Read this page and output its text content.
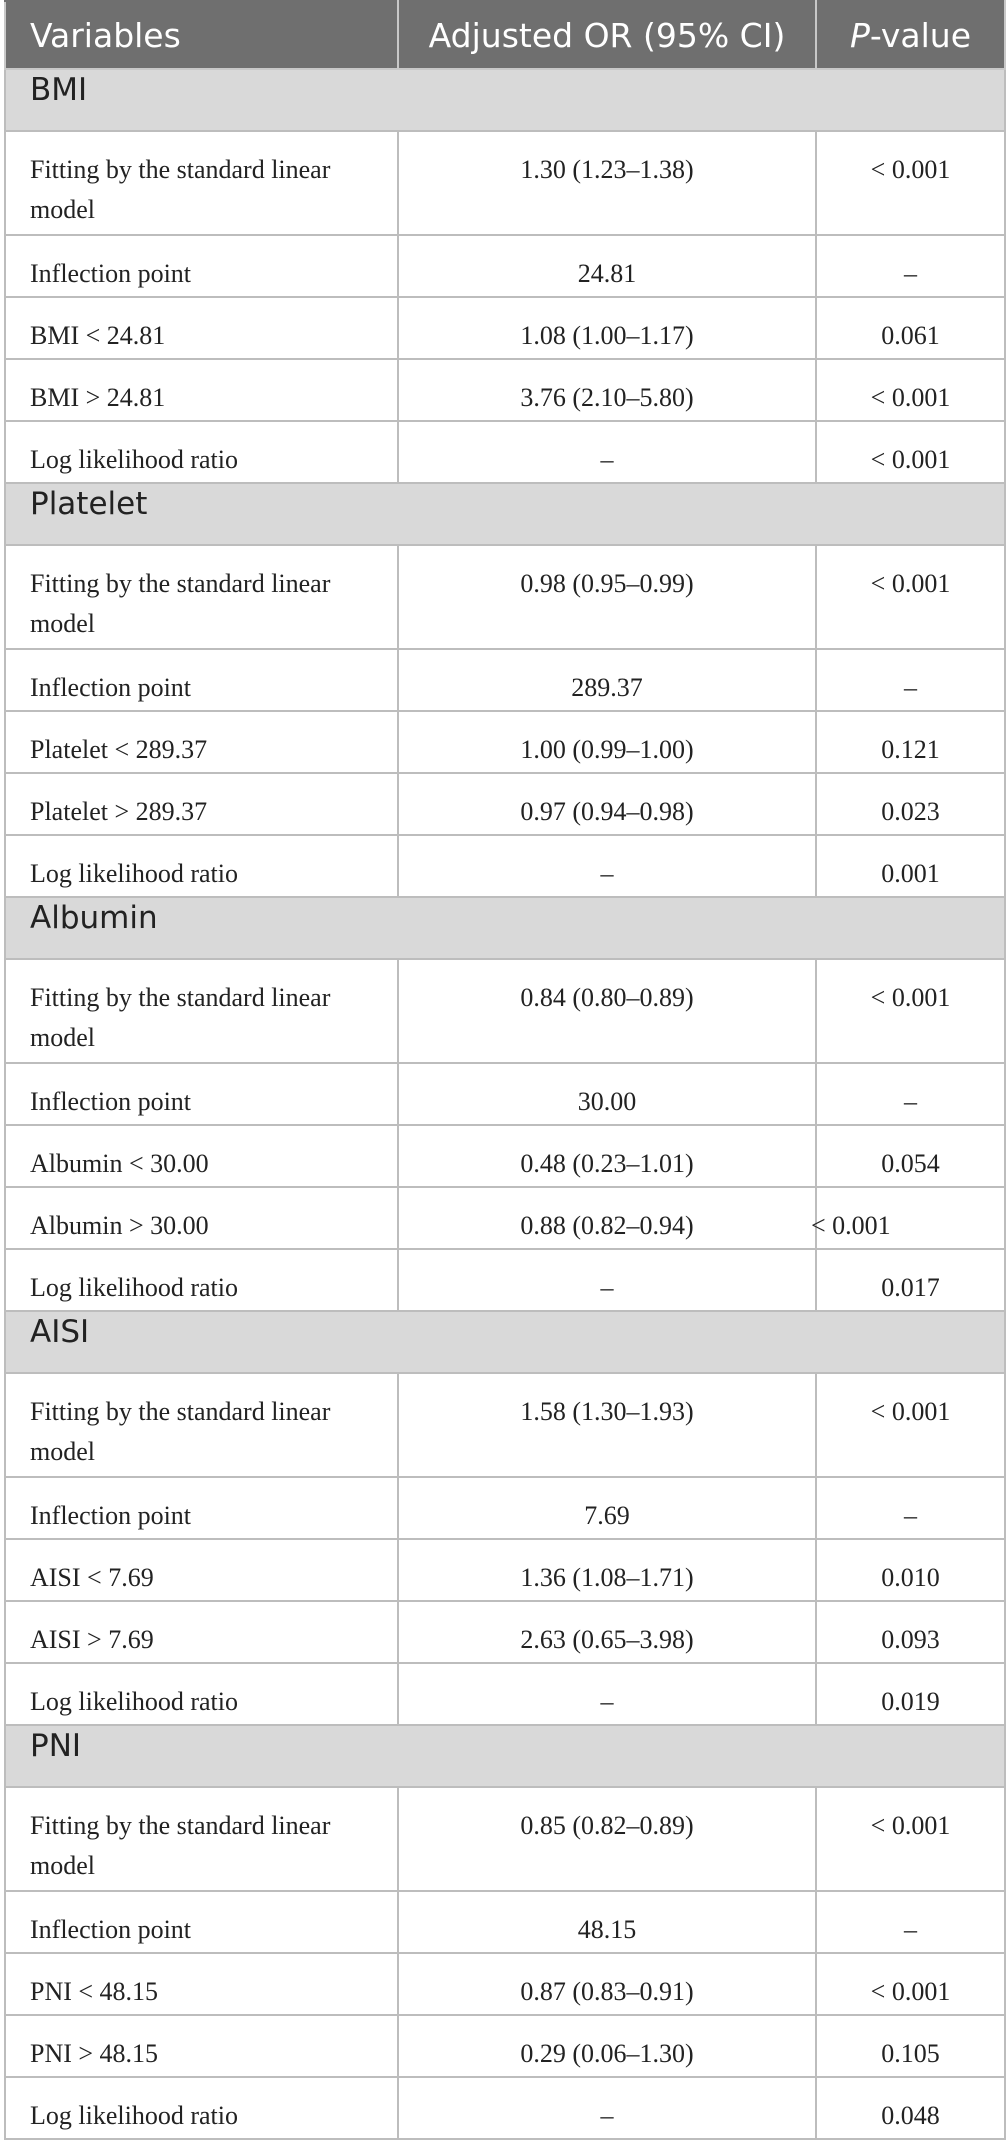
Variables	Adjusted OR (95% CI)	P-value
BMI		
Fitting by the standard linear model	1.30 (1.23–1.38)	< 0.001
Inflection point	24.81	–
BMI < 24.81	1.08 (1.00–1.17)	0.061
BMI > 24.81	3.76 (2.10–5.80)	< 0.001
Log likelihood ratio	–	< 0.001
Platelet		
Fitting by the standard linear model	0.98 (0.95–0.99)	< 0.001
Inflection point	289.37	–
Platelet < 289.37	1.00 (0.99–1.00)	0.121
Platelet > 289.37	0.97 (0.94–0.98)	0.023
Log likelihood ratio	–	0.001
Albumin		
Fitting by the standard linear model	0.84 (0.80–0.89)	< 0.001
Inflection point	30.00	–
Albumin < 30.00	0.48 (0.23–1.01)	0.054
Albumin > 30.00	0.88 (0.82–0.94)	< 0.001
Log likelihood ratio	–	0.017
AISI		
Fitting by the standard linear model	1.58 (1.30–1.93)	< 0.001
Inflection point	7.69	–
AISI < 7.69	1.36 (1.08–1.71)	0.010
AISI > 7.69	2.63 (0.65–3.98)	0.093
Log likelihood ratio	–	0.019
PNI		
Fitting by the standard linear model	0.85 (0.82–0.89)	< 0.001
Inflection point	48.15	–
PNI < 48.15	0.87 (0.83–0.91)	< 0.001
PNI > 48.15	0.29 (0.06–1.30)	0.105
Log likelihood ratio	–	0.048
